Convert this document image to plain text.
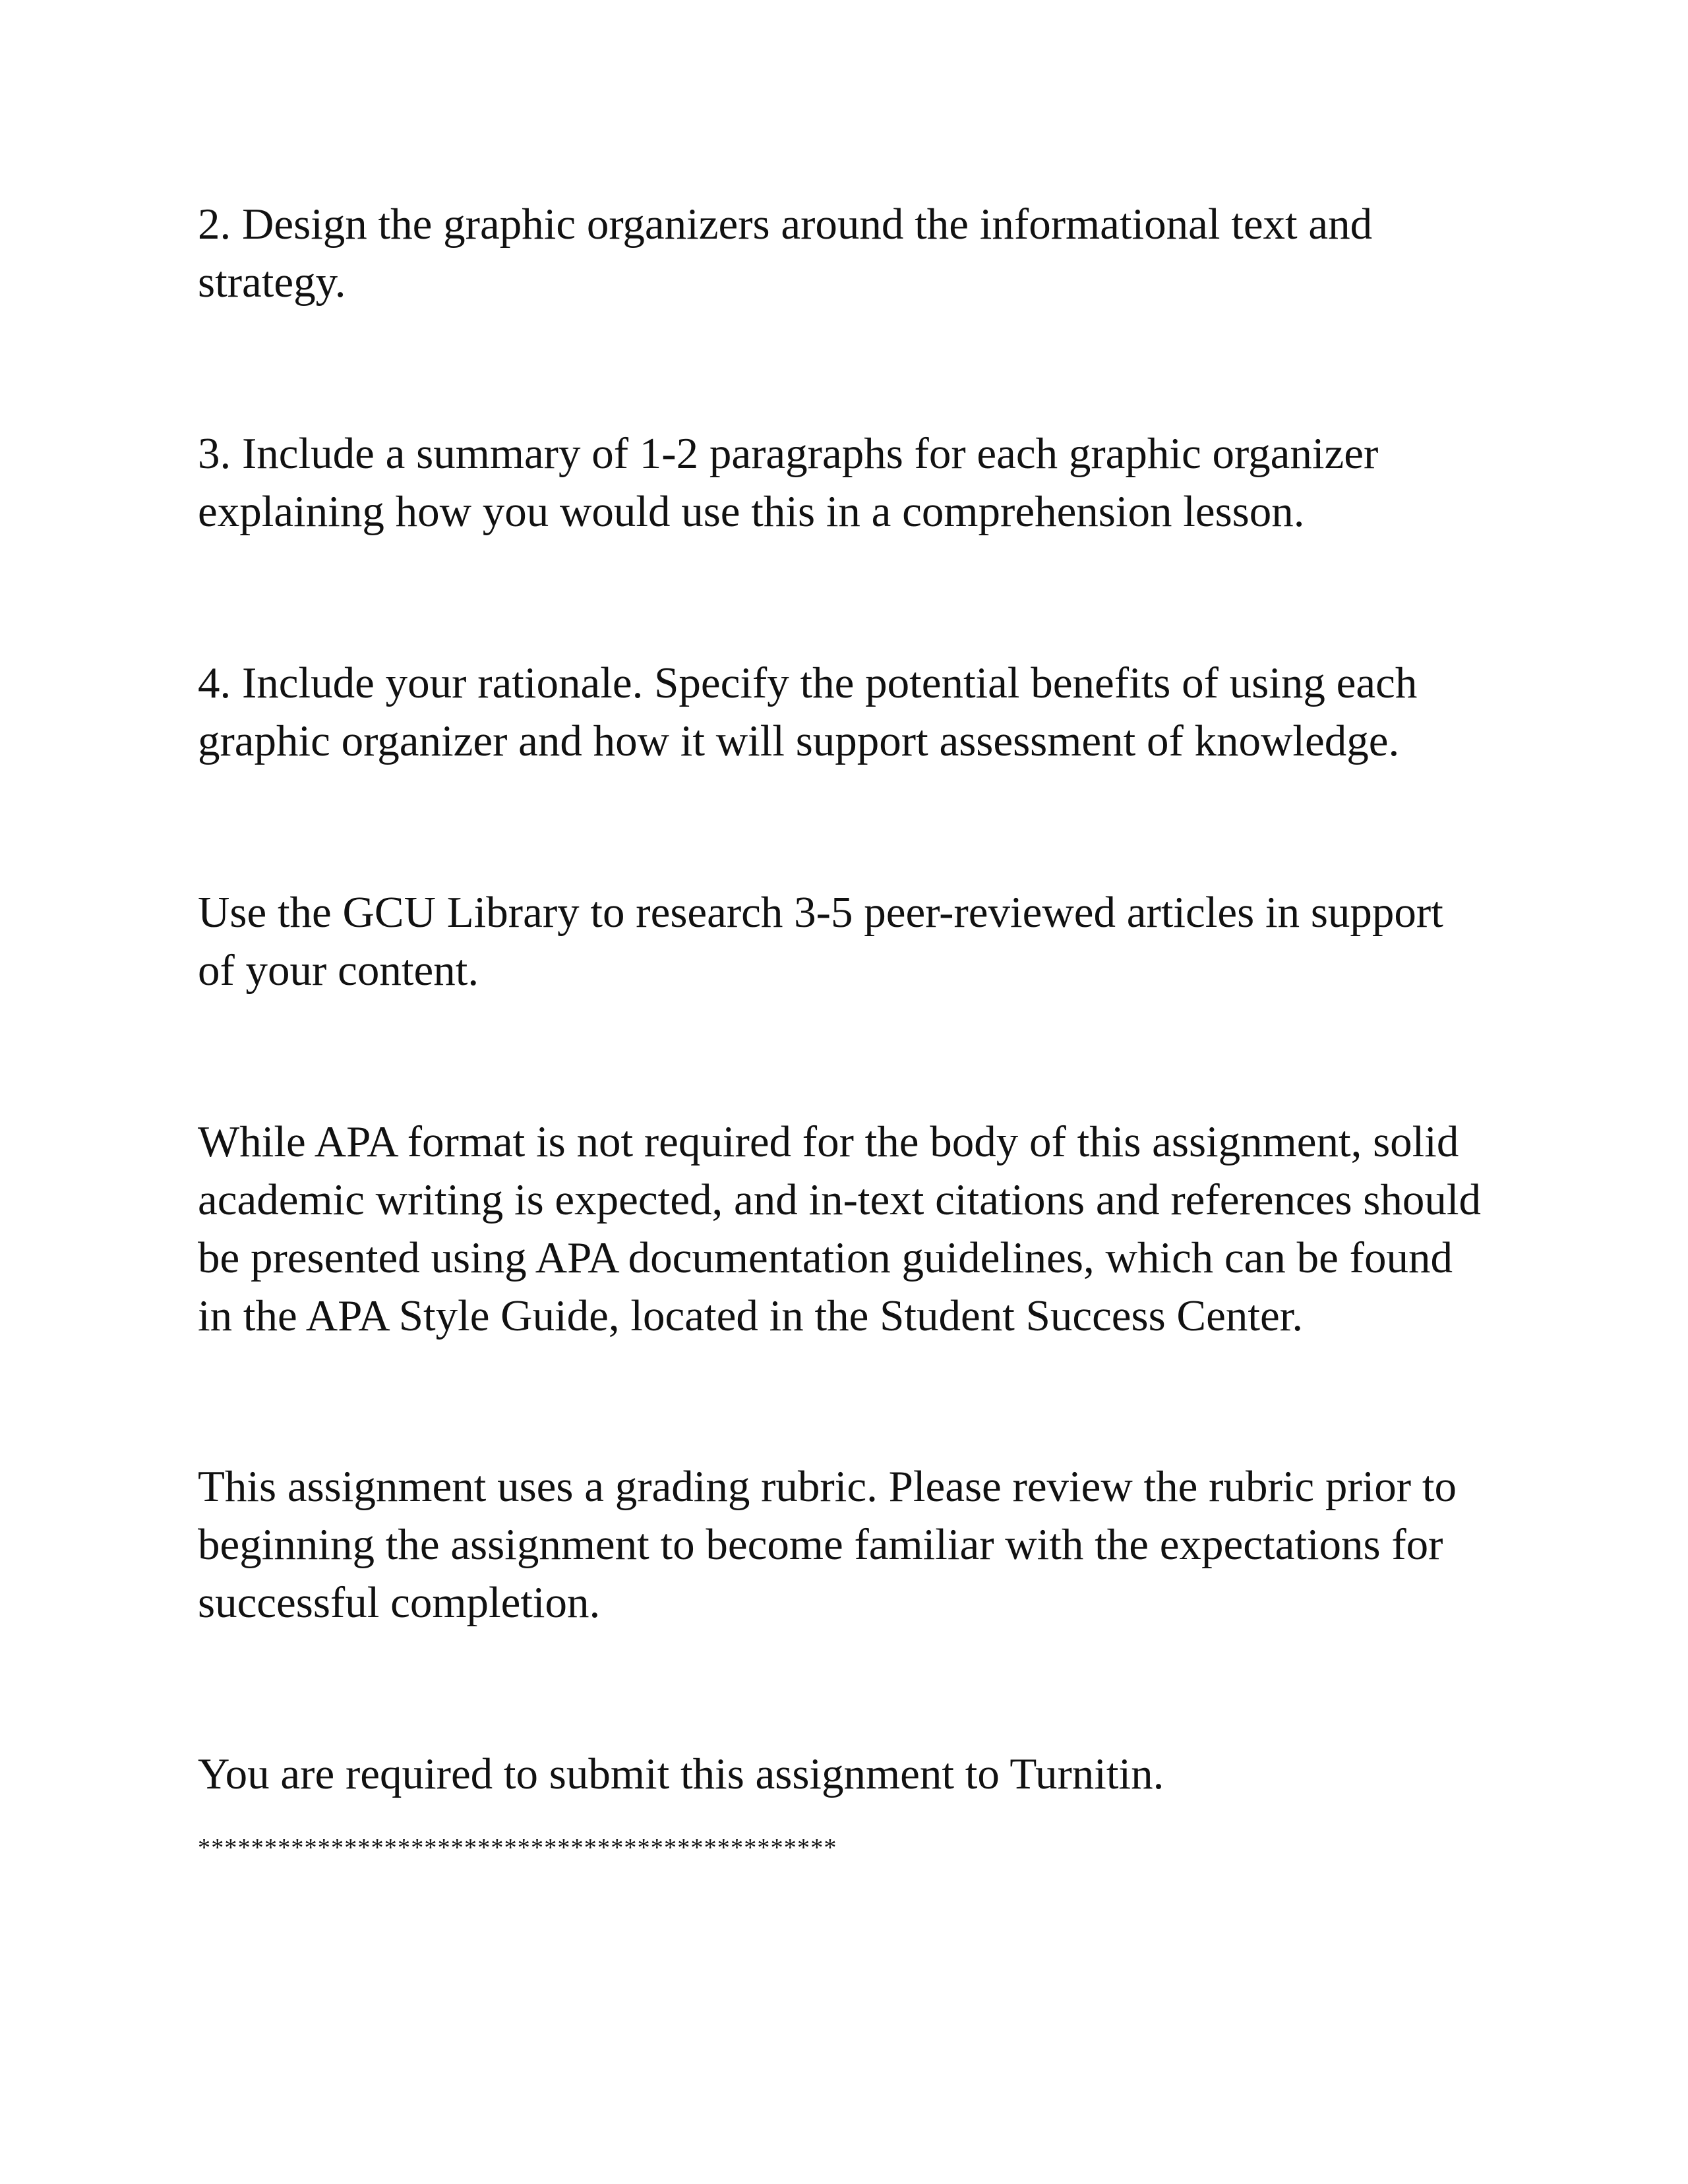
2. Design the graphic organizers around the informational text and
strategy.

3. Include a summary of 1-2 paragraphs for each graphic organizer
explaining how you would use this in a comprehension lesson.

4. Include your rationale. Specify the potential benefits of using each
graphic organizer and how it will support assessment of knowledge.

Use the GCU Library to research 3-5 peer-reviewed articles in support
of your content.

While APA format is not required for the body of this assignment, solid
academic writing is expected, and in-text citations and references should
be presented using APA documentation guidelines, which can be found
in the APA Style Guide, located in the Student Success Center.

This assignment uses a grading rubric. Please review the rubric prior to
beginning the assignment to become familiar with the expectations for
successful completion.

You are required to submit this assignment to Turnitin.

************************************************
